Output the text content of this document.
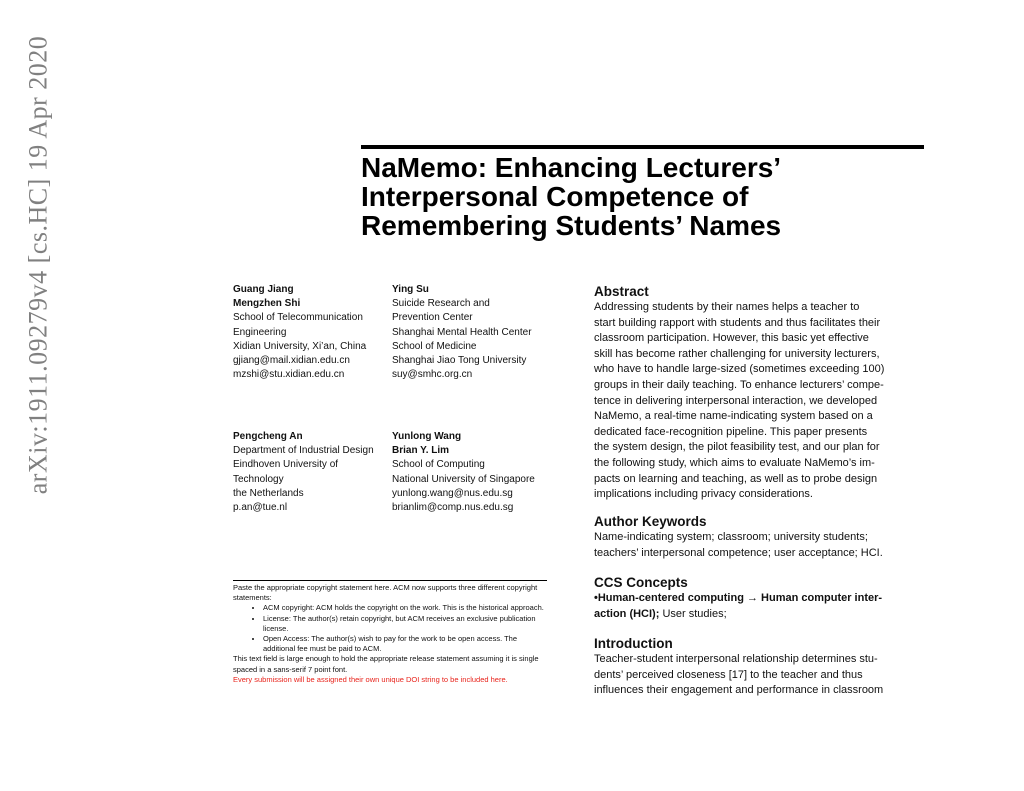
arXiv:1911.09279v4 [cs.HC] 19 Apr 2020	NaMemo: Enhancing Lecturers’
Interpersonal Competence of
Remembering Students’ Names
Guang Jiang
Mengzhen Shi
School of Telecommunication
Engineering
Xidian University, Xi’an, China
gjiang@mail.xidian.edu.cn
mzshi@stu.xidian.edu.cn
Ying Su
Suicide Research and
Prevention Center
Shanghai Mental Health Center
School of Medicine
Shanghai Jiao Tong University
suy@smhc.org.cn
Pengcheng An
Department of Industrial Design
Eindhoven University of
Technology
the Netherlands
p.an@tue.nl
Yunlong Wang
Brian Y. Lim
School of Computing
National University of Singapore
yunlong.wang@nus.edu.sg
brianlim@comp.nus.edu.sg
Paste the appropriate copyright statement here. ACM now supports three different copyright statements:
• ACM copyright: ACM holds the copyright on the work. This is the historical approach.
• License: The author(s) retain copyright, but ACM receives an exclusive publication license.
• Open Access: The author(s) wish to pay for the work to be open access. The additional fee must be paid to ACM.
This text field is large enough to hold the appropriate release statement assuming it is single spaced in a sans-serif 7 point font.
Every submission will be assigned their own unique DOI string to be included here.
Abstract

Addressing students by their names helps a teacher to

start building rapport with students and thus facilitates their

classroom participation. However, this basic yet effective

skill has become rather challenging for university lecturers,

who have to handle large-sized (sometimes exceeding 100)

groups in their daily teaching. To enhance lecturers’ compe-

tence in delivering interpersonal interaction, we developed

NaMemo, a real-time name-indicating system based on a

dedicated face-recognition pipeline. This paper presents

the system design, the pilot feasibility test, and our plan for

the following study, which aims to evaluate NaMemo’s im-

pacts on learning and teaching, as well as to probe design

implications including privacy considerations.

Author Keywords

Name-indicating system; classroom; university students;

teachers’ interpersonal competence; user acceptance; HCI.

CCS Concepts

•Human-centered computing → Human computer inter-

action (HCI); User studies;

Introduction

Teacher-student interpersonal relationship determines stu-

dents’ perceived closeness [17] to the teacher and thus

influences their engagement and performance in classroom
